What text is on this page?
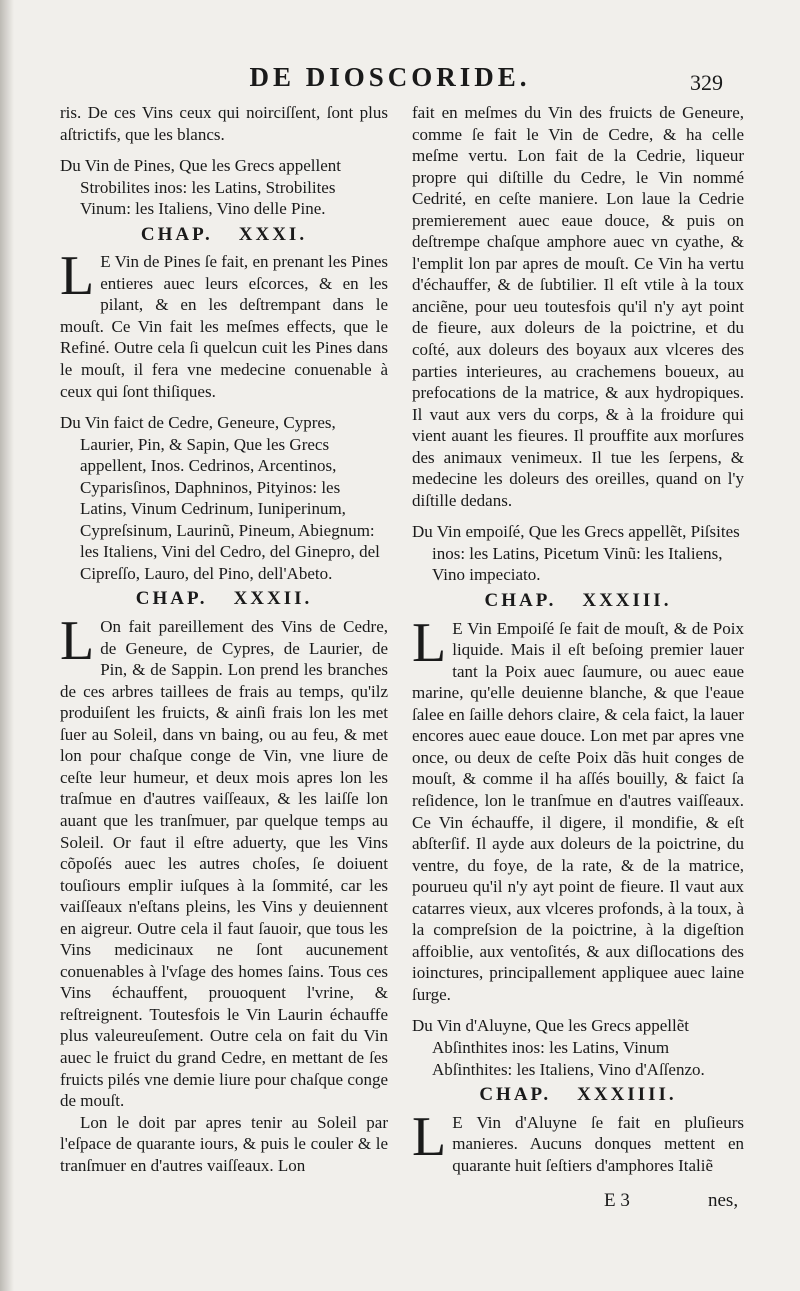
DE DIOSCORIDE.	329

ris. De ces Vins ceux qui noirciſſent, ſont plus aſtrictifs, que les blancs.

Du Vin de Pines, Que les Grecs appellent Strobilites inos: les Latins, Strobilites Vinum: les Italiens, Vino delle Pine.

CHAP. XXXI.

L E Vin de Pines ſe fait, en prenant les Pines entieres auec leurs eſcorces, & en les pilant, & en les deſtrempant dans le mouſt. Ce Vin fait les meſmes effects, que le Refiné. Outre cela ſi quelcun cuit les Pines dans le mouſt, il fera vne medecine conuenable à ceux qui ſont thiſiques.

Du Vin faict de Cedre, Geneure, Cypres, Laurier, Pin, & Sapin, Que les Grecs appellent, Inos. Cedrinos, Arcentinos, Cyparisſinos, Daphninos, Pityinos: les Latins, Vinum Cedrinum, Iuniperinum, Cypreſsinum, Laurinũ, Pineum, Abiegnum: les Italiens, Vini del Cedro, del Ginepro, del Cipreſſo, Lauro, del Pino, dell'Abeto.

CHAP. XXXII.

L On fait pareillement des Vins de Cedre, de Geneure, de Cypres, de Laurier, de Pin, & de Sappin. Lon prend les branches de ces arbres taillees de frais au temps, qu'ilz produiſent les fruicts, & ainſi frais lon les met ſuer au Soleil, dans vn baing, ou au feu, & met lon pour chaſque conge de Vin, vne liure de ceſte leur humeur, et deux mois apres lon les traſmue en d'autres vaiſſeaux, & les laiſſe lon auant que les tranſmuer, par quelque temps au Soleil. Or faut il eſtre aduerty, que les Vins cõpoſés auec les autres choſes, ſe doiuent touſiours emplir iuſques à la ſommité, car les vaiſſeaux n'eſtans pleins, les Vins y deuiennent en aigreur. Outre cela il faut ſauoir, que tous les Vins medicinaux ne ſont aucunement conuenables à l'vſage des homes ſains. Tous ces Vins échauffent, prouoquent l'vrine, & reſtreignent. Toutesfois le Vin Laurin échauffe plus valeureuſement. Outre cela on fait du Vin auec le fruict du grand Cedre, en mettant de ſes fruicts pilés vne demie liure pour chaſque conge de mouſt.

Lon le doit par apres tenir au Soleil par l'eſpace de quarante iours, & puis le couler & le tranſmuer en d'autres vaiſſeaux. Lon

fait en meſmes du Vin des fruicts de Geneure, comme ſe fait le Vin de Cedre, & ha celle meſme vertu. Lon fait de la Cedrie, liqueur propre qui diſtille du Cedre, le Vin nommé Cedrité, en ceſte maniere. Lon laue la Cedrie premierement auec eaue douce, & puis on deſtrempe chaſque amphore auec vn cyathe, & l'emplit lon par apres de mouſt. Ce Vin ha vertu d'échauffer, & de ſubtilier. Il eſt vtile à la toux anciẽne, pour ueu toutesfois qu'il n'y ayt point de fieure, aux doleurs de la poictrine, et du coſté, aux doleurs des boyaux aux vlceres des parties interieures, au crachemens boueux, au prefocations de la matrice, & aux hydropiques. Il vaut aux vers du corps, & à la froidure qui vient auant les fieures. Il prouffite aux morſures des animaux venimeux. Il tue les ſerpens, & medecine les doleurs des oreilles, quand on l'y diſtille dedans.

Du Vin empoiſé, Que les Grecs appellẽt, Piſsites inos: les Latins, Picetum Vinũ: les Italiens, Vino impeciato.

CHAP. XXXIII.

L E Vin Empoiſé ſe fait de mouſt, & de Poix liquide. Mais il eſt beſoing premier lauer tant la Poix auec ſaumure, ou auec eaue marine, qu'elle deuienne blanche, & que l'eaue ſalee en ſaille dehors claire, & cela faict, la lauer encores auec eaue douce. Lon met par apres vne once, ou deux de ceſte Poix dãs huit conges de mouſt, & comme il ha aſſés bouilly, & faict ſa reſidence, lon le tranſmue en d'autres vaiſſeaux. Ce Vin échauffe, il digere, il mondifie, & eſt abſterſif. Il ayde aux doleurs de la poictrine, du ventre, du foye, de la rate, & de la matrice, pourueu qu'il n'y ayt point de fieure. Il vaut aux catarres vieux, aux vlceres profonds, à la toux, à la compreſsion de la poictrine, à la digeſtion affoiblie, aux ventoſités, & aux diſlocations des ioinctures, principallement appliquee auec laine ſurge.

Du Vin d'Aluyne, Que les Grecs appellẽt Abſinthites inos: les Latins, Vinum Abſinthites: les Italiens, Vino d'Aſſenzo.

CHAP. XXXIIII.

L E Vin d'Aluyne ſe fait en pluſieurs manieres. Aucuns donques mettent en quarante huit ſeſtiers d'amphores Italiẽ

E 3	nes,
